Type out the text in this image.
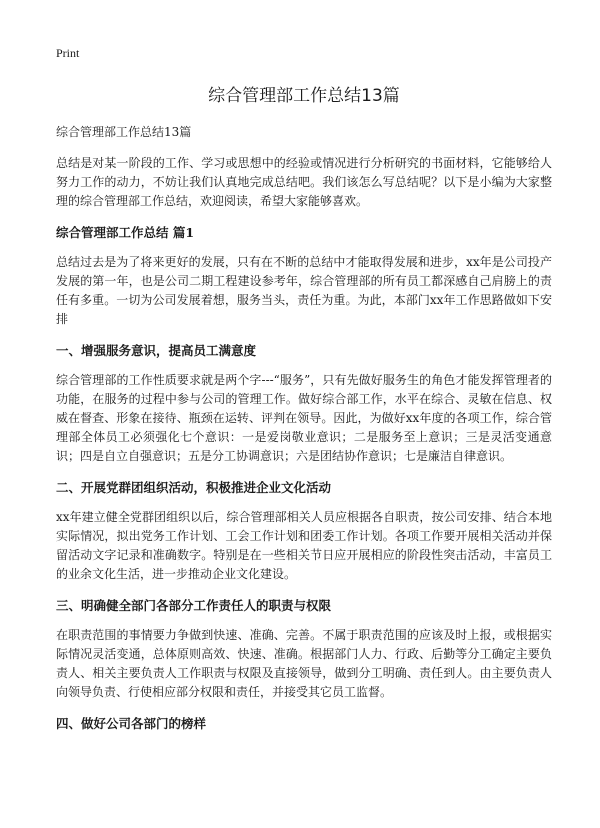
Print
综合管理部工作总结13篇
综合管理部工作总结13篇

总结是对某一阶段的工作、学习或思想中的经验或情况进行分析研究的书面材料，它能够给人努力工作的动力，不妨让我们认真地完成总结吧。我们该怎么写总结呢？以下是小编为大家整理的综合管理部工作总结，欢迎阅读，希望大家能够喜欢。

综合管理部工作总结 篇1

总结过去是为了将来更好的发展，只有在不断的总结中才能取得发展和进步，xx年是公司投产发展的第一年，也是公司二期工程建设参考年，综合管理部的所有员工都深感自己肩膀上的责任有多重。一切为公司发展着想，服务当头，责任为重。为此，本部门xx年工作思路做如下安排

一、增强服务意识，提高员工满意度

综合管理部的工作性质要求就是两个字---“服务”，只有先做好服务生的角色才能发挥管理者的功能，在服务的过程中参与公司的管理工作。做好综合部工作，水平在综合、灵敏在信息、权威在督查、形象在接待、瓶颈在运转、评判在领导。因此，为做好xx年度的各项工作，综合管理部全体员工必须强化七个意识：一是爱岗敬业意识；二是服务至上意识；三是灵活变通意识；四是自立自强意识；五是分工协调意识；六是团结协作意识；七是廉洁自律意识。

二、开展党群团组织活动，积极推进企业文化活动

xx年建立健全党群团组织以后，综合管理部相关人员应根据各自职责，按公司安排、结合本地实际情况，拟出党务工作计划、工会工作计划和团委工作计划。各项工作要开展相关活动并保留活动文字记录和准确数字。特别是在一些相关节日应开展相应的阶段性突击活动，丰富员工的业余文化生活，进一步推动企业文化建设。

三、明确健全部门各部分工作责任人的职责与权限

在职责范围的事情要力争做到快速、准确、完善。不属于职责范围的应该及时上报，或根据实际情况灵活变通，总体原则高效、快速、准确。根据部门人力、行政、后勤等分工确定主要负责人、相关主要负责人工作职责与权限及直接领导，做到分工明确、责任到人。由主要负责人向领导负责、行使相应部分权限和责任，并接受其它员工监督。

四、做好公司各部门的榜样
